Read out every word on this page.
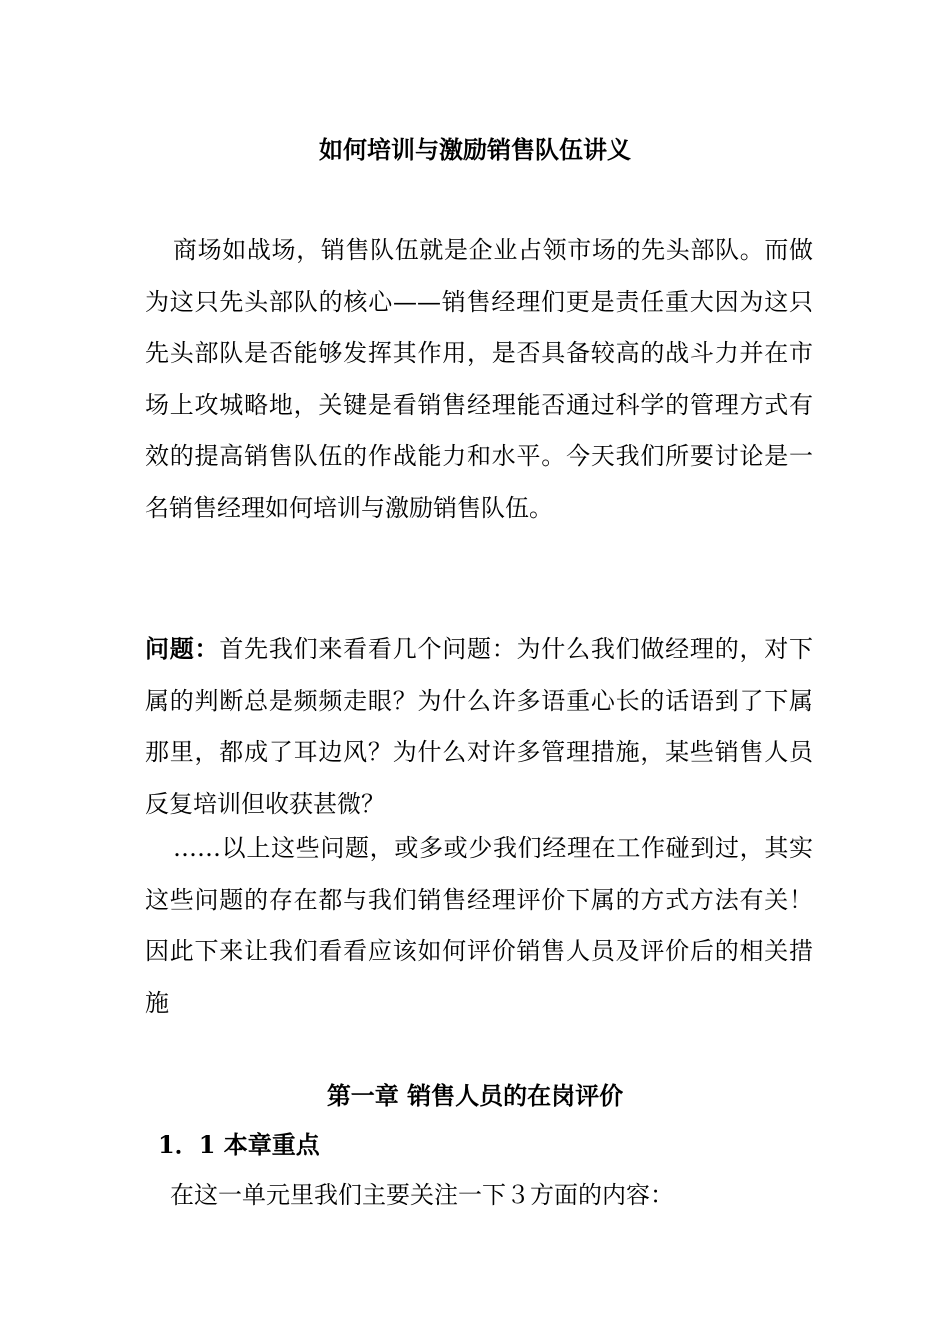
如何培训与激励销售队伍讲义

商场如战场，销售队伍就是企业占领市场的先头部队。而做为这只先头部队的核心——销售经理们更是责任重大因为这只先头部队是否能够发挥其作用，是否具备较高的战斗力并在市场上攻城略地，关键是看销售经理能否通过科学的管理方式有效的提高销售队伍的作战能力和水平。今天我们所要讨论是一名销售经理如何培训与激励销售队伍。

问题：首先我们来看看几个问题：为什么我们做经理的，对下属的判断总是频频走眼？为什么许多语重心长的话语到了下属那里，都成了耳边风？为什么对许多管理措施，某些销售人员反复培训但收获甚微？

……以上这些问题，或多或少我们经理在工作碰到过，其实这些问题的存在都与我们销售经理评价下属的方式方法有关！因此下来让我们看看应该如何评价销售人员及评价后的相关措施

第一章 销售人员的在岗评价
1．1 本章重点

在这一单元里我们主要关注一下３方面的内容：
